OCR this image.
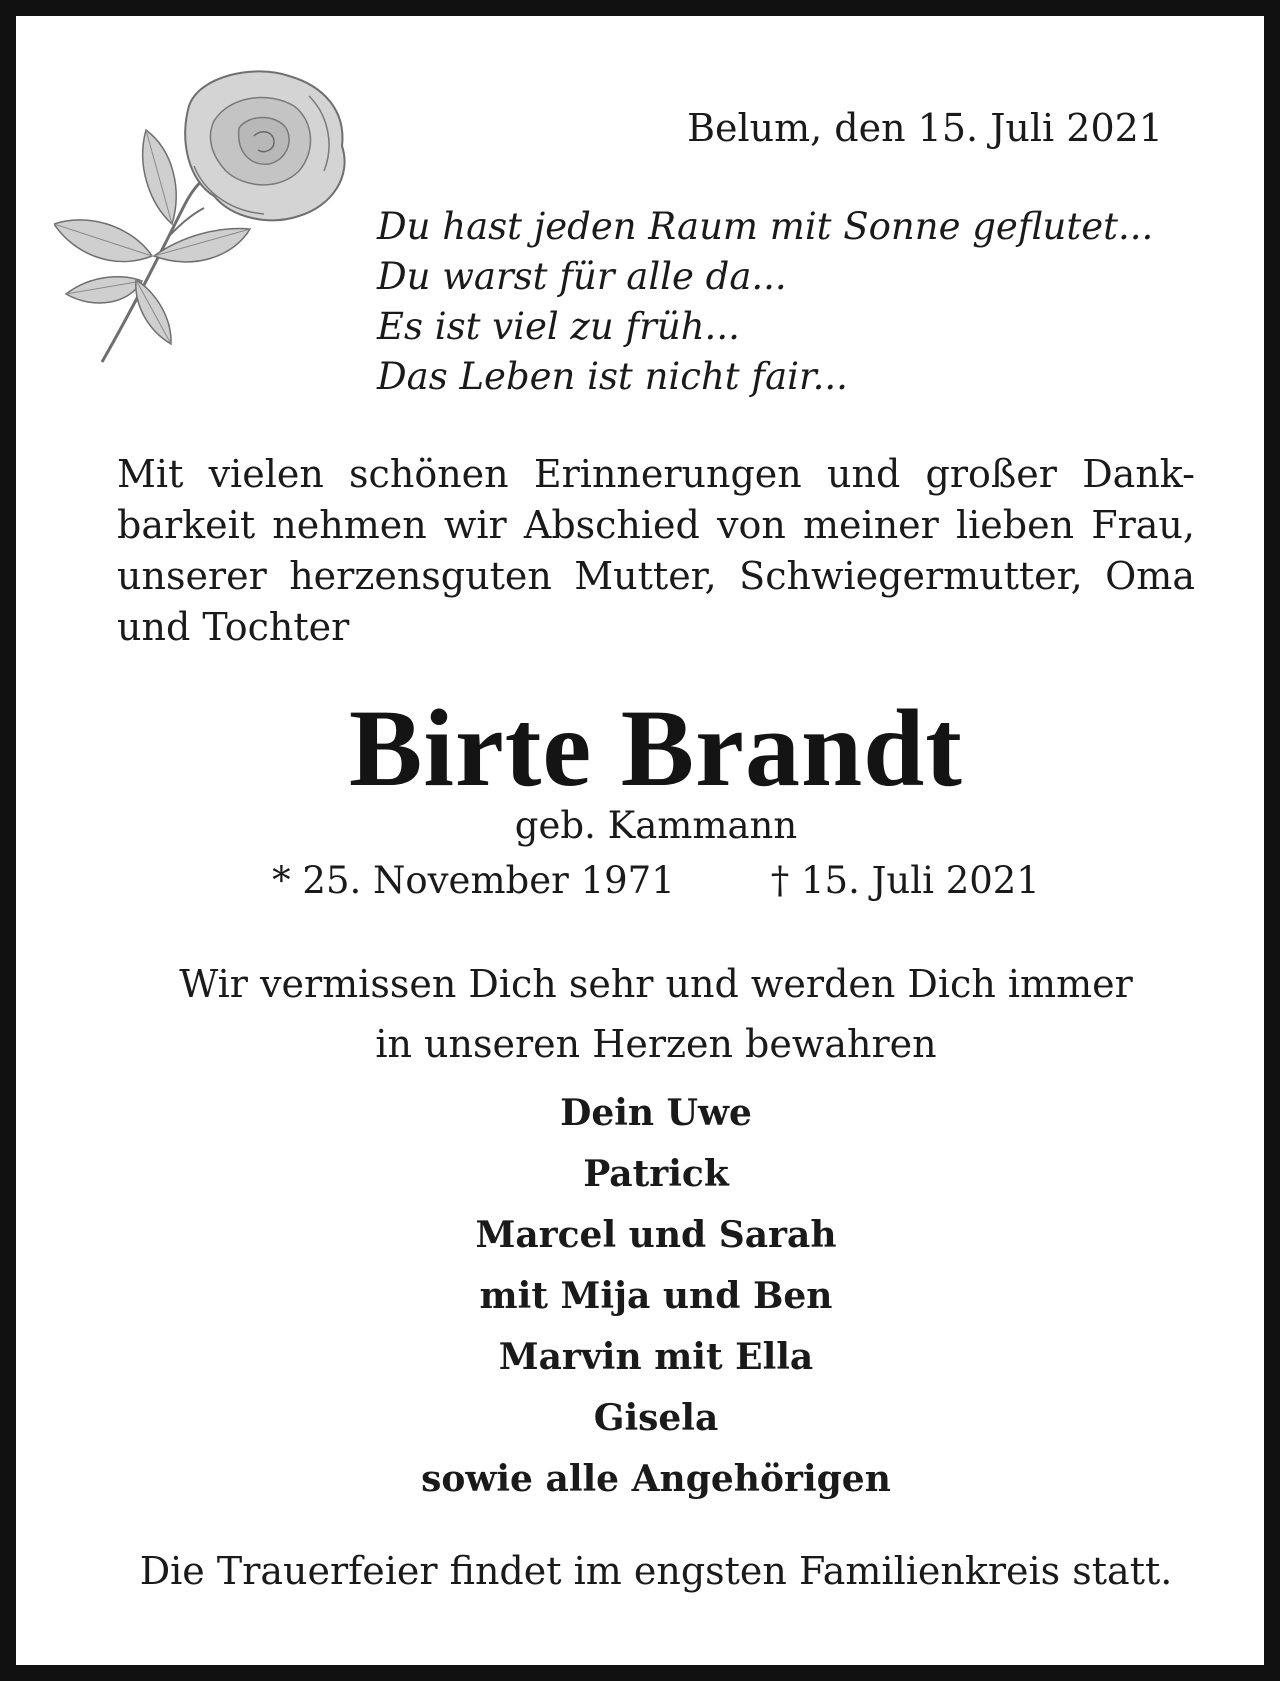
Belum, den 15. Juli 2021
Du hast jeden Raum mit Sonne geflutet...
Du warst für alle da...
Es ist viel zu früh...
Das Leben ist nicht fair...
Mit vielen schönen Erinnerungen und großer Dank-
barkeit nehmen wir Abschied von meiner lieben Frau,
unserer herzensguten Mutter, Schwiegermutter, Oma
und Tochter
Birte Brandt
geb. Kammann
* 25. November 1971	† 15. Juli 2021
Wir vermissen Dich sehr und werden Dich immer
in unseren Herzen bewahren
Dein Uwe
Patrick
Marcel und Sarah
mit Mija und Ben
Marvin mit Ella
Gisela
sowie alle Angehörigen
Die Trauerfeier findet im engsten Familienkreis statt.
